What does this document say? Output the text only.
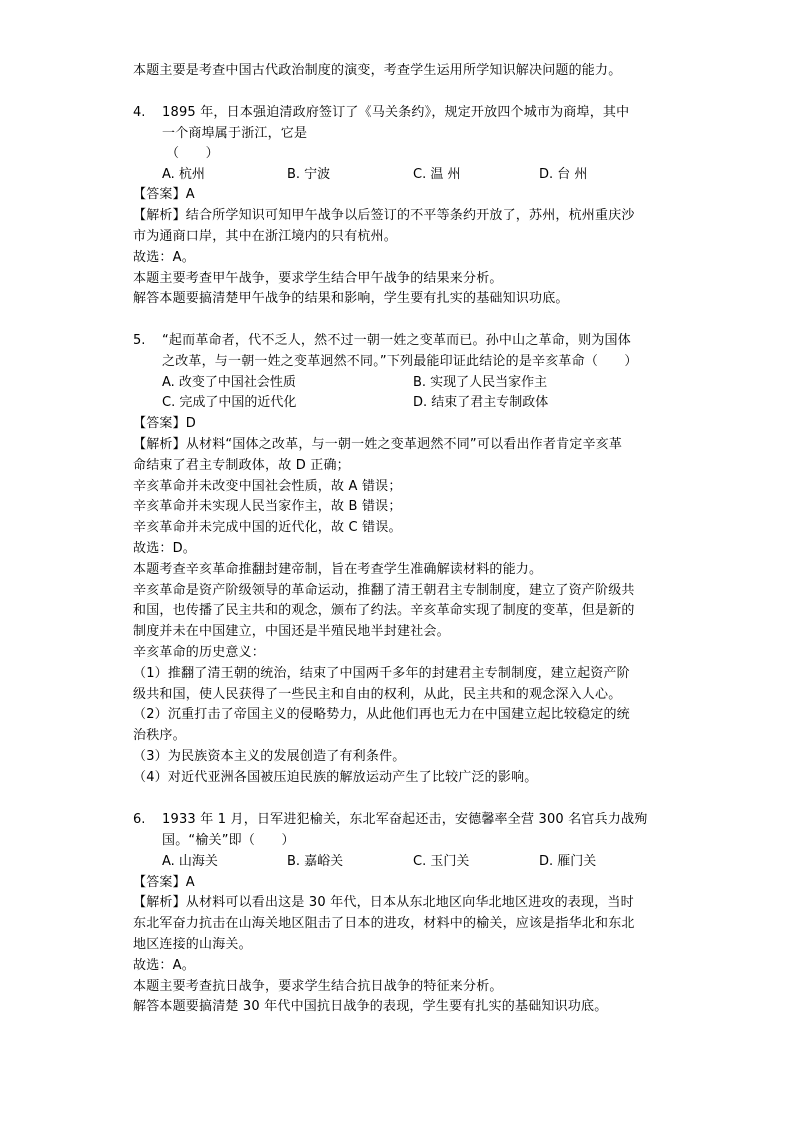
本题主要是考查中国古代政治制度的演变，考查学生运用所学知识解决问题的能力。
4. 1895 年，日本强迫清政府签订了《马关条约》，规定开放四个城市为商埠，其中
一个商埠属于浙江，它是
（　　）
A. 杭州	B. 宁波	C. 温 州	D. 台 州
【答案】A
【解析】结合所学知识可知甲午战争以后签订的不平等条约开放了，苏州，杭州重庆沙
市为通商口岸，其中在浙江境内的只有杭州。
故选：A。
本题主要考查甲午战争，要求学生结合甲午战争的结果来分析。
解答本题要搞清楚甲午战争的结果和影响，学生要有扎实的基础知识功底。
5. “起而革命者，代不乏人，然不过一朝一姓之变革而已。孙中山之革命，则为国体
之改革，与一朝一姓之变革迥然不同。”下列最能印证此结论的是辛亥革命（　　）
A. 改变了中国社会性质	B. 实现了人民当家作主
C. 完成了中国的近代化	D. 结束了君主专制政体
【答案】D
【解析】从材料“国体之改革，与一朝一姓之变革迥然不同”可以看出作者肯定辛亥革
命结束了君主专制政体，故 D 正确；
辛亥革命并未改变中国社会性质，故 A 错误；
辛亥革命并未实现人民当家作主，故 B 错误；
辛亥革命并未完成中国的近代化，故 C 错误。
故选：D。
本题考查辛亥革命推翻封建帝制，旨在考查学生准确解读材料的能力。
辛亥革命是资产阶级领导的革命运动，推翻了清王朝君主专制制度，建立了资产阶级共
和国，也传播了民主共和的观念，颁布了约法。辛亥革命实现了制度的变革，但是新的
制度并未在中国建立，中国还是半殖民地半封建社会。
辛亥革命的历史意义：
（1）推翻了清王朝的统治，结束了中国两千多年的封建君主专制制度，建立起资产阶
级共和国，使人民获得了一些民主和自由的权利，从此，民主共和的观念深入人心。
（2）沉重打击了帝国主义的侵略势力，从此他们再也无力在中国建立起比较稳定的统
治秩序。
（3）为民族资本主义的发展创造了有利条件。
（4）对近代亚洲各国被压迫民族的解放运动产生了比较广泛的影响。
6. 1933 年 1 月，日军进犯榆关，东北军奋起还击，安德馨率全营 300 名官兵力战殉
国。“榆关”即（　　）
A. 山海关	B. 嘉峪关	C. 玉门关	D. 雁门关
【答案】A
【解析】从材料可以看出这是 30 年代，日本从东北地区向华北地区进攻的表现，当时
东北军奋力抗击在山海关地区阻击了日本的进攻，材料中的榆关，应该是指华北和东北
地区连接的山海关。
故选：A。
本题主要考查抗日战争，要求学生结合抗日战争的特征来分析。
解答本题要搞清楚 30 年代中国抗日战争的表现，学生要有扎实的基础知识功底。
